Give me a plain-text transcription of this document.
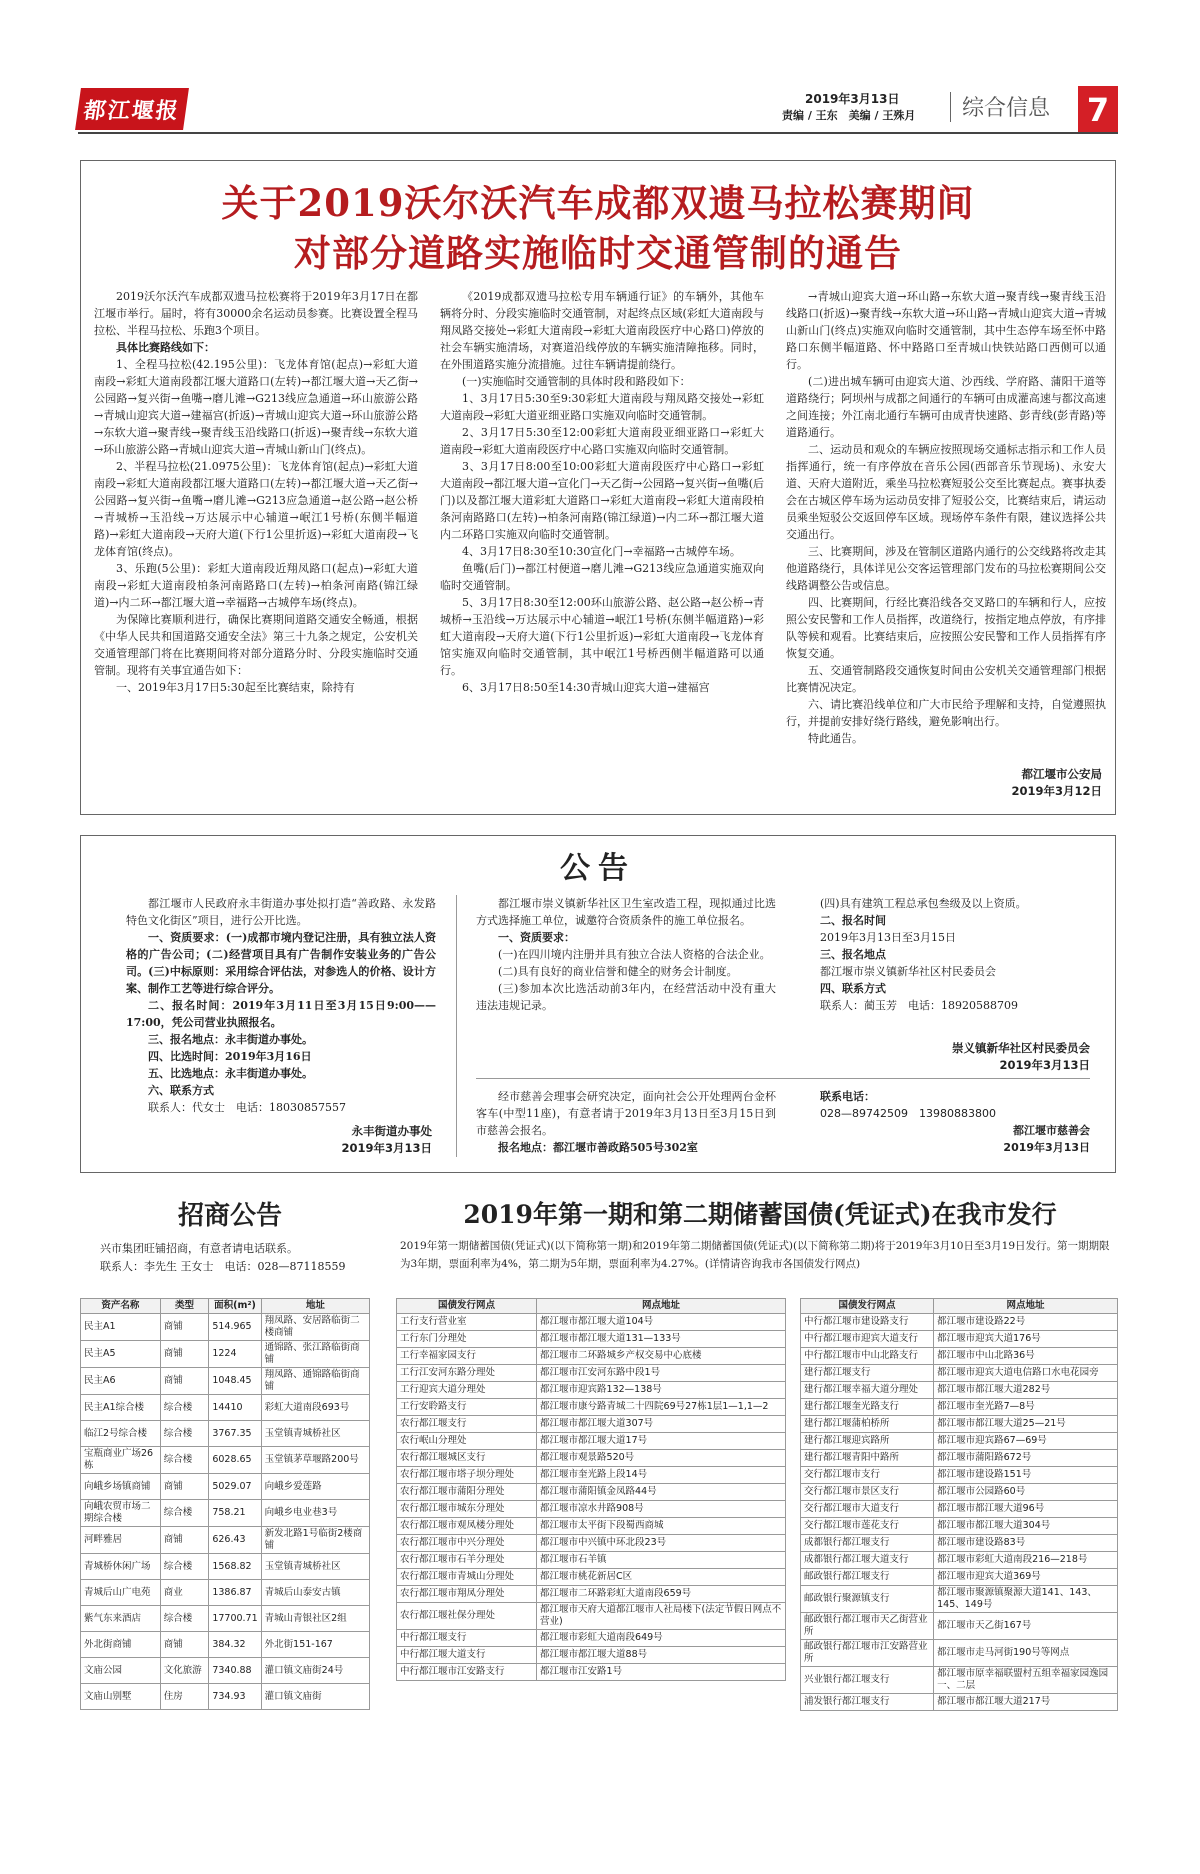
都江堰报	2019年3月13日
责编 / 王东　美编 / 王殊月 综合信息 7
关于2019沃尔沃汽车成都双遗马拉松赛期间
对部分道路实施临时交通管制的通告

2019沃尔沃汽车成都双遗马拉松赛将于2019年3月17日在都江堰市举行。届时，将有30000余名运动员参赛。比赛设置全程马拉松、半程马拉松、乐跑3个项目。

具体比赛路线如下：

1、全程马拉松(42.195公里)：飞龙体育馆(起点)→彩虹大道南段→彩虹大道南段都江堰大道路口(左转)→都江堰大道→天乙街→公园路→复兴街→鱼嘴→磨儿滩→G213线应急通道→环山旅游公路→青城山迎宾大道→建福宫(折返)→青城山迎宾大道→环山旅游公路→东软大道→聚青线→聚青线玉沿线路口(折返)→聚青线→东软大道→环山旅游公路→青城山迎宾大道→青城山新山门(终点)。

2、半程马拉松(21.0975公里)：飞龙体育馆(起点)→彩虹大道南段→彩虹大道南段都江堰大道路口(左转)→都江堰大道→天乙街→公园路→复兴街→鱼嘴→磨儿滩→G213应急通道→赵公路→赵公桥→青城桥→玉沿线→万达展示中心辅道→岷江1号桥(东侧半幅道路)→彩虹大道南段→天府大道(下行1公里折返)→彩虹大道南段→飞龙体育馆(终点)。

3、乐跑(5公里)：彩虹大道南段近翔凤路口(起点)→彩虹大道南段→彩虹大道南段柏条河南路路口(左转)→柏条河南路(锦江绿道)→内二环→都江堰大道→幸福路→古城停车场(终点)。

为保障比赛顺利进行，确保比赛期间道路交通安全畅通，根据《中华人民共和国道路交通安全法》第三十九条之规定，公安机关交通管理部门将在比赛期间将对部分道路分时、分段实施临时交通管制。现将有关事宜通告如下：

一、2019年3月17日5:30起至比赛结束，除持有

《2019成都双遗马拉松专用车辆通行证》的车辆外，其他车辆将分时、分段实施临时交通管制，对起终点区域(彩虹大道南段与翔凤路交接处→彩虹大道南段→彩虹大道南段医疗中心路口)停放的社会车辆实施清场，对赛道沿线停放的车辆实施清障拖移。同时，在外围道路实施分流措施。过往车辆请提前绕行。

(一)实施临时交通管制的具体时段和路段如下：

1、3月17日5:30至9:30彩虹大道南段与翔凤路交接处→彩虹大道南段→彩虹大道亚细亚路口实施双向临时交通管制。

2、3月17日5:30至12:00彩虹大道南段亚细亚路口→彩虹大道南段→彩虹大道南段医疗中心路口实施双向临时交通管制。

3、3月17日8:00至10:00彩虹大道南段医疗中心路口→彩虹大道南段→都江堰大道→宣化门→天乙街→公园路→复兴街→鱼嘴(后门)以及都江堰大道彩虹大道路口→彩虹大道南段→彩虹大道南段柏条河南路路口(左转)→柏条河南路(锦江绿道)→内二环→都江堰大道内二环路口实施双向临时交通管制。

4、3月17日8:30至10:30宣化门→幸福路→古城停车场。

鱼嘴(后门)→都江村便道→磨儿滩→G213线应急通道实施双向临时交通管制。

5、3月17日8:30至12:00环山旅游公路、赵公路→赵公桥→青城桥→玉沿线→万达展示中心辅道→岷江1号桥(东侧半幅道路)→彩虹大道南段→天府大道(下行1公里折返)→彩虹大道南段→飞龙体育馆实施双向临时交通管制，其中岷江1号桥西侧半幅道路可以通行。

6、3月17日8:50至14:30青城山迎宾大道→建福宫

→青城山迎宾大道→环山路→东软大道→聚青线→聚青线玉沿线路口(折返)→聚青线→东软大道→环山路→青城山迎宾大道→青城山新山门(终点)实施双向临时交通管制，其中生态停车场至怀中路路口东侧半幅道路、怀中路路口至青城山快铁站路口西侧可以通行。

(二)进出城车辆可由迎宾大道、沙西线、学府路、蒲阳干道等道路绕行；阿坝州与成都之间通行的车辆可由成灌高速与都汶高速之间连接；外江南北通行车辆可由成青快速路、彭青线(彭青路)等道路通行。

二、运动员和观众的车辆应按照现场交通标志指示和工作人员指挥通行，统一有序停放在音乐公园(西部音乐节现场)、永安大道、天府大道附近，乘坐马拉松赛短驳公交至比赛起点。赛事执委会在古城区停车场为运动员安排了短驳公交，比赛结束后，请运动员乘坐短驳公交返回停车区域。现场停车条件有限，建议选择公共交通出行。

三、比赛期间，涉及在管制区道路内通行的公交线路将改走其他道路绕行，具体详见公交客运管理部门发布的马拉松赛期间公交线路调整公告或信息。

四、比赛期间，行经比赛沿线各交叉路口的车辆和行人，应按照公安民警和工作人员指挥，改道绕行，按指定地点停放，有序排队等候和观看。比赛结束后，应按照公安民警和工作人员指挥有序恢复交通。

五、交通管制路段交通恢复时间由公安机关交通管理部门根据比赛情况决定。

六、请比赛沿线单位和广大市民给予理解和支持，自觉遵照执行，并提前安排好绕行路线，避免影响出行。

特此通告。

都江堰市公安局
2019年3月12日
公告

都江堰市人民政府永丰街道办事处拟打造“善政路、永发路特色文化街区”项目，进行公开比选。

一、资质要求：(一)成都市境内登记注册，具有独立法人资格的广告公司；(二)经营项目具有广告制作安装业务的广告公司。(三)中标原则：采用综合评估法，对参选人的价格、设计方案、制作工艺等进行综合评分。

二、报名时间：2019年3月11日至3月15日9:00——17:00，凭公司营业执照报名。

三、报名地点：永丰街道办事处。

四、比选时间：2019年3月16日

五、比选地点：永丰街道办事处。

六、联系方式

联系人：代女士　电话：18030857557

永丰街道办事处
2019年3月13日

都江堰市崇义镇新华社区卫生室改造工程，现拟通过比选方式选择施工单位，诚邀符合资质条件的施工单位报名。

一、资质要求：

(一)在四川境内注册并具有独立合法人资格的合法企业。

(二)具有良好的商业信誉和健全的财务会计制度。

(三)参加本次比选活动前3年内，在经营活动中没有重大违法违规记录。

(四)具有建筑工程总承包叁级及以上资质。

二、报名时间

2019年3月13日至3月15日

三、报名地点

都江堰市崇义镇新华社区村民委员会

四、联系方式

联系人：蔺玉芳　电话：18920588709

崇义镇新华社区村民委员会
2019年3月13日

经市慈善会理事会研究决定，面向社会公开处理两台金杯客车(中型11座)，有意者请于2019年3月13日至3月15日到市慈善会报名。

报名地点：都江堰市善政路505号302室

联系电话：
028—89742509　13980883800
都江堰市慈善会
2019年3月13日
招商公告
兴市集团旺铺招商，有意者请电话联系。
联系人：李先生 王女士　电话：028—87118559
资产名称	类型	面积(m²)	地址
民主A1	商铺	514.965	翔凤路、安居路临街二楼商铺
民主A5	商铺	1224	通锦路、张江路临街商铺
民主A6	商铺	1048.45	翔凤路、通锦路临街商铺
民主A1综合楼	综合楼	14410	彩虹大道南段693号
临江2号综合楼	综合楼	3767.35	玉堂镇青城桥社区
宝瓶商业广场26栋	综合楼	6028.65	玉堂镇茅草堰路200号
向峨乡场镇商铺	商铺	5029.07	向峨乡爱莲路
向峨农贸市场二期综合楼	综合楼	758.21	向峨乡电业巷3号
河畔雅居	商铺	626.43	新发北路1号临街2楼商铺
青城桥休闲广场	综合楼	1568.82	玉堂镇青城桥社区
青城后山广电苑	商业	1386.87	青城后山泰安古镇
紫气东来酒店	综合楼	17700.71	青城山青银社区2组
外北街商铺	商铺	384.32	外北街151-167
文庙公园	文化旅游	7340.88	灌口镇文庙街24号
文庙山别墅	住房	734.93	灌口镇文庙街
2019年第一期和第二期储蓄国债(凭证式)在我市发行
2019年第一期储蓄国债(凭证式)(以下简称第一期)和2019年第二期储蓄国债(凭证式)(以下简称第二期)将于2019年3月10日至3月19日发行。第一期期限为3年期，票面利率为4%，第二期为5年期，票面利率为4.27%。(详情请咨询我市各国债发行网点)
国债发行网点	网点地址
工行支行营业室	都江堰市都江堰大道104号
工行东门分理处	都江堰市都江堰大道131—133号
工行幸福家园支行	都江堰市二环路城乡产权交易中心底楼
工行江安河东路分理处	都江堰市江安河东路中段1号
工行迎宾大道分理处	都江堰市迎宾路132—138号
工行安聆路支行	都江堰市康兮路青城二十四院69号27栋1层1—1,1—2
农行都江堰支行	都江堰市都江堰大道307号
农行岷山分理处	都江堰市都江堰大道17号
农行都江堰城区支行	都江堰市观景路520号
农行都江堰市塔子坝分理处	都江堰市奎光路上段14号
农行都江堰市蒲阳分理处	都江堰市蒲阳镇金凤路44号
农行都江堰市城东分理处	都江堰市凉水井路908号
农行都江堰市观凤楼分理处	都江堰市太平街下段蜀西商城
农行都江堰市中兴分理处	都江堰市中兴镇中环北段23号
农行都江堰市石羊分理处	都江堰市石羊镇
农行都江堰市青城山分理处	都江堰市桃花新居C区
农行都江堰市翔凤分理处	都江堰市二环路彩虹大道南段659号
农行都江堰社保分理处	都江堰市天府大道都江堰市人社局楼下(法定节假日网点不营业)
中行都江堰支行	都江堰市彩虹大道南段649号
中行都江堰大道支行	都江堰市都江堰大道88号
中行都江堰市江安路支行	都江堰市江安路1号
国债发行网点	网点地址
中行都江堰市建设路支行	都江堰市建设路22号
中行都江堰市迎宾大道支行	都江堰市迎宾大道176号
中行都江堰市中山北路支行	都江堰市中山北路36号
建行都江堰支行	都江堰市迎宾大道电信路口水电花园旁
建行都江堰幸福大道分理处	都江堰市都江堰大道282号
建行都江堰奎光路支行	都江堰市奎光路7—8号
建行都江堰蒲柏桥所	都江堰市都江堰大道25—21号
建行都江堰迎宾路所	都江堰市迎宾路67—69号
建行都江堰青阳中路所	都江堰市蒲阳路672号
交行都江堰市支行	都江堰市建设路151号
交行都江堰市景区支行	都江堰市公园路60号
交行都江堰市大道支行	都江堰市都江堰大道96号
交行都江堰市莲花支行	都江堰市都江堰大道304号
成都银行都江堰支行	都江堰市建设路83号
成都银行都江堰大道支行	都江堰市彩虹大道南段216—218号
邮政银行都江堰支行	都江堰市迎宾大道369号
邮政银行聚源镇支行	都江堰市聚源镇聚源大道141、143、145、149号
邮政银行都江堰市天乙街营业所	都江堰市天乙街167号
邮政银行都江堰市江安路营业所	都江堰市走马河街190号等网点
兴业银行都江堰支行	都江堰市原幸福联盟村五组幸福家园逸园一、二层
浦发银行都江堰支行	都江堰市都江堰大道217号
